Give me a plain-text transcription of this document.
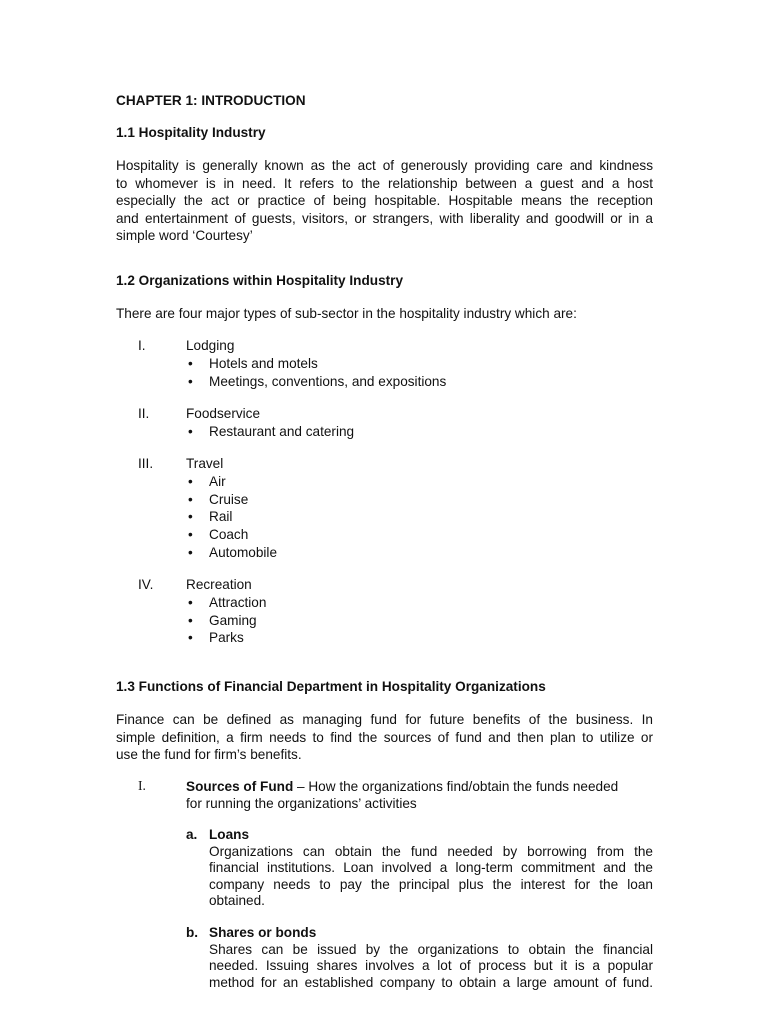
CHAPTER 1: INTRODUCTION
1.1 Hospitality Industry
Hospitality is generally known as the act of generously providing care and kindness
to whomever is in need. It refers to the relationship between a guest and a host
especially the act or practice of being hospitable. Hospitable means the reception
and entertainment of guests, visitors, or strangers, with liberality and goodwill or in a
simple word ‘Courtesy’
1.2 Organizations within Hospitality Industry
There are four major types of sub-sector in the hospitality industry which are:
I.	Lodging
• Hotels and motels
• Meetings, conventions, and expositions
II.	Foodservice
• Restaurant and catering
III. Travel
• Air
• Cruise
• Rail
• Coach
• Automobile
IV. Recreation
• Attraction
• Gaming
• Parks
1.3 Functions of Financial Department in Hospitality Organizations
Finance can be defined as managing fund for future benefits of the business. In
simple definition, a firm needs to find the sources of fund and then plan to utilize or
use the fund for firm’s benefits.
I.	Sources of Fund – How the organizations find/obtain the funds needed
for running the organizations’ activities
a. Loans
Organizations can obtain the fund needed by borrowing from the
financial institutions. Loan involved a long-term commitment and the
company needs to pay the principal plus the interest for the loan
obtained.
b. Shares or bonds
Shares can be issued by the organizations to obtain the financial
needed. Issuing shares involves a lot of process but it is a popular
method for an established company to obtain a large amount of fund.
